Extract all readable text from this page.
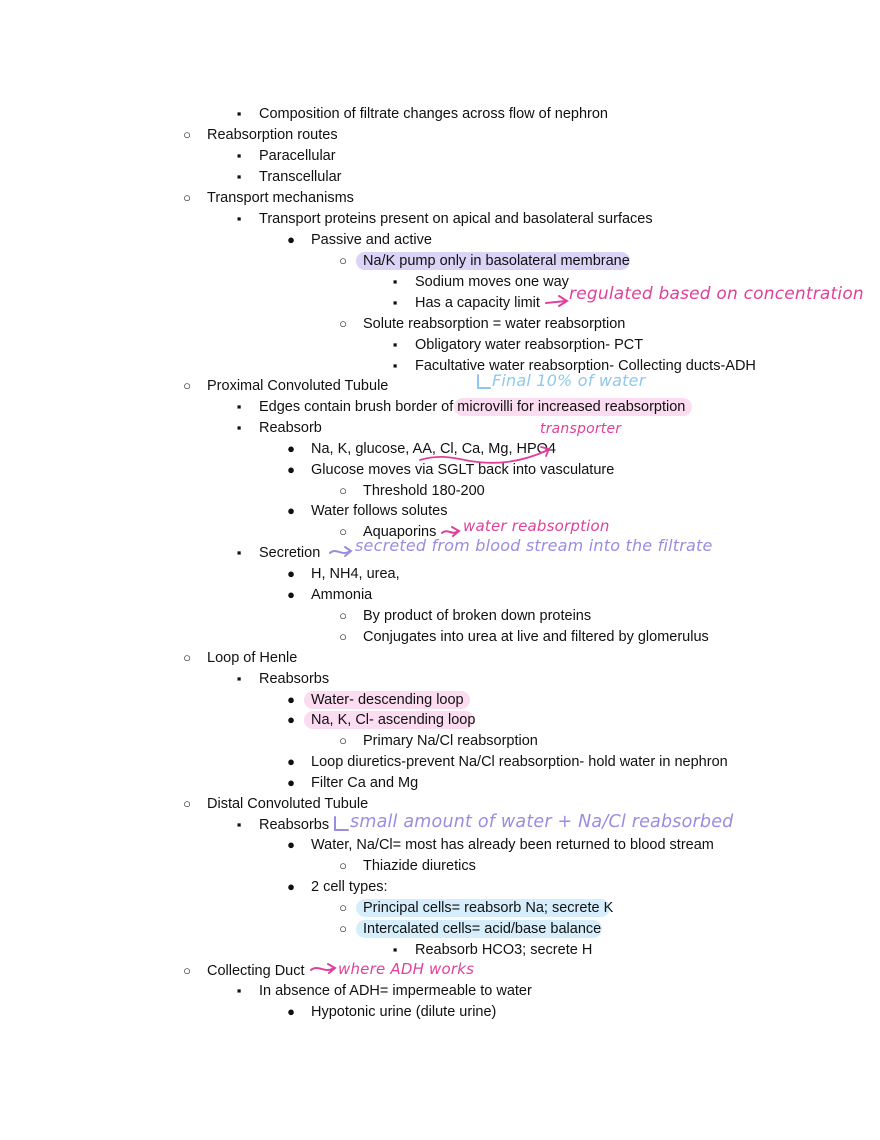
▪	Composition of filtrate changes across flow of nephron
○ Reabsorption routes
▪	Paracellular
▪	Transcellular
○ Transport mechanisms
▪	Transport proteins present on apical and basolateral surfaces
● Passive and active
○ Na/K pump only in basolateral membrane
▪	Sodium moves one way
▪	Has a capacity limit
○ Solute reabsorption = water reabsorption
▪	Obligatory water reabsorption- PCT
▪	Facultative water reabsorption- Collecting ducts-ADH
○ Proximal Convoluted Tubule
▪	Edges contain brush border of microvilli for increased reabsorption
▪	Reabsorb
● Na, K, glucose, AA, Cl, Ca, Mg, HPO4
● Glucose moves via SGLT back into vasculature
○ Threshold 180-200
● Water follows solutes
○ Aquaporins
▪	Secretion
● H, NH4, urea,
● Ammonia
○ By product of broken down proteins
○ Conjugates into urea at live and filtered by glomerulus
○ Loop of Henle
▪	Reabsorbs
● Water- descending loop
● Na, K, Cl- ascending loop
○ Primary Na/Cl reabsorption
● Loop diuretics-prevent Na/Cl reabsorption- hold water in nephron
● Filter Ca and Mg
○ Distal Convoluted Tubule
▪	Reabsorbs
● Water, Na/Cl= most has already been returned to blood stream
○ Thiazide diuretics
● 2 cell types:
○ Principal cells= reabsorb Na; secrete K
○ Intercalated cells= acid/base balance
▪	Reabsorb HCO3; secrete H
○ Collecting Duct
▪	In absence of ADH= impermeable to water
● Hypotonic urine (dilute urine)
regulated based on concentration
Final 10% of water
transporter
water reabsorption
secreted from blood stream into the filtrate
small amount of water + Na/Cl reabsorbed
where ADH works
